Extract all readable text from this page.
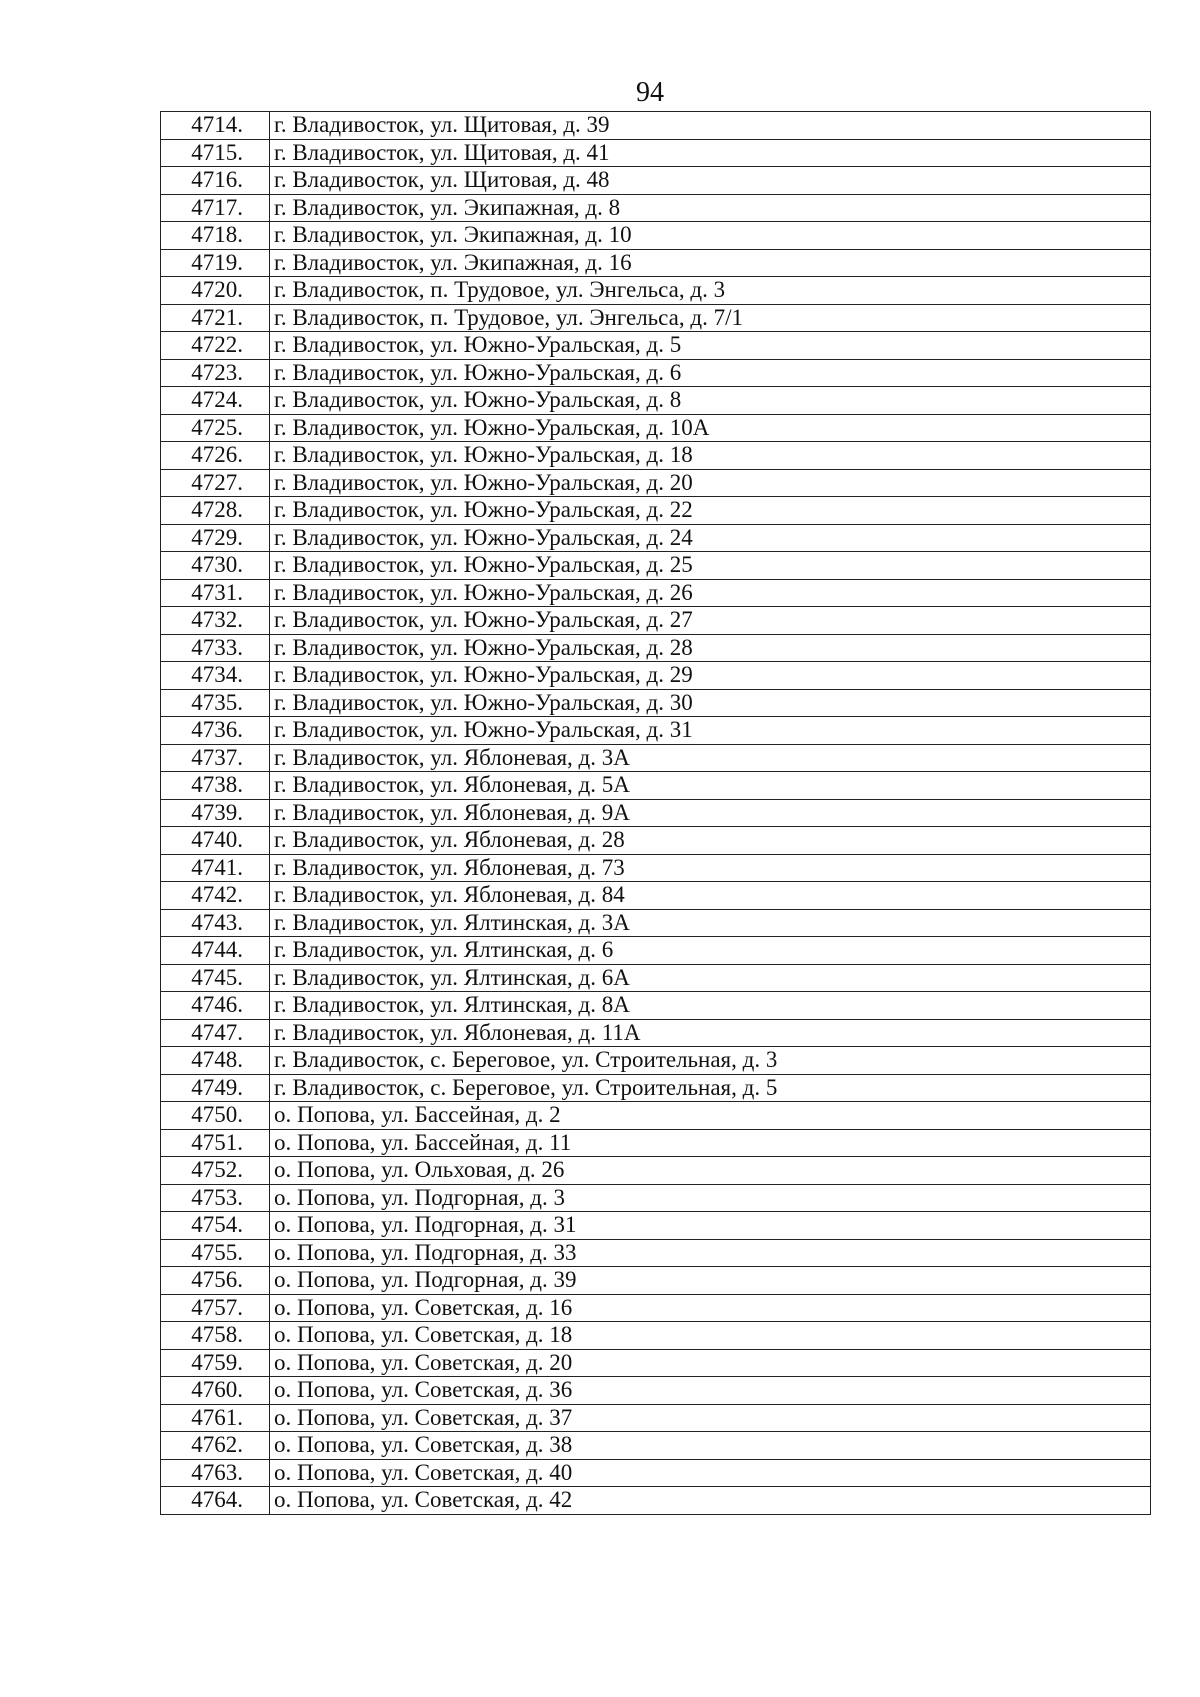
94
4714.	г. Владивосток, ул. Щитовая, д. 39
4715.	г. Владивосток, ул. Щитовая, д. 41
4716.	г. Владивосток, ул. Щитовая, д. 48
4717.	г. Владивосток, ул. Экипажная, д. 8
4718.	г. Владивосток, ул. Экипажная, д. 10
4719.	г. Владивосток, ул. Экипажная, д. 16
4720.	г. Владивосток, п. Трудовое, ул. Энгельса, д. 3
4721.	г. Владивосток, п. Трудовое, ул. Энгельса, д. 7/1
4722.	г. Владивосток, ул. Южно-Уральская, д. 5
4723.	г. Владивосток, ул. Южно-Уральская, д. 6
4724.	г. Владивосток, ул. Южно-Уральская, д. 8
4725.	г. Владивосток, ул. Южно-Уральская, д. 10А
4726.	г. Владивосток, ул. Южно-Уральская, д. 18
4727.	г. Владивосток, ул. Южно-Уральская, д. 20
4728.	г. Владивосток, ул. Южно-Уральская, д. 22
4729.	г. Владивосток, ул. Южно-Уральская, д. 24
4730.	г. Владивосток, ул. Южно-Уральская, д. 25
4731.	г. Владивосток, ул. Южно-Уральская, д. 26
4732.	г. Владивосток, ул. Южно-Уральская, д. 27
4733.	г. Владивосток, ул. Южно-Уральская, д. 28
4734.	г. Владивосток, ул. Южно-Уральская, д. 29
4735.	г. Владивосток, ул. Южно-Уральская, д. 30
4736.	г. Владивосток, ул. Южно-Уральская, д. 31
4737.	г. Владивосток, ул. Яблоневая, д. 3А
4738.	г. Владивосток, ул. Яблоневая, д. 5А
4739.	г. Владивосток, ул. Яблоневая, д. 9А
4740.	г. Владивосток, ул. Яблоневая, д. 28
4741.	г. Владивосток, ул. Яблоневая, д. 73
4742.	г. Владивосток, ул. Яблоневая, д. 84
4743.	г. Владивосток, ул. Ялтинская, д. 3А
4744.	г. Владивосток, ул. Ялтинская, д. 6
4745.	г. Владивосток, ул. Ялтинская, д. 6А
4746.	г. Владивосток, ул. Ялтинская, д. 8А
4747.	г. Владивосток, ул. Яблоневая, д. 11А
4748.	г. Владивосток, с. Береговое, ул. Строительная, д. 3
4749.	г. Владивосток, с. Береговое, ул. Строительная, д. 5
4750.	о. Попова, ул. Бассейная, д. 2
4751.	о. Попова, ул. Бассейная, д. 11
4752.	о. Попова, ул. Ольховая, д. 26
4753.	о. Попова, ул. Подгорная, д. 3
4754.	о. Попова, ул. Подгорная, д. 31
4755.	о. Попова, ул. Подгорная, д. 33
4756.	о. Попова, ул. Подгорная, д. 39
4757.	о. Попова, ул. Советская, д. 16
4758.	о. Попова, ул. Советская, д. 18
4759.	о. Попова, ул. Советская, д. 20
4760.	о. Попова, ул. Советская, д. 36
4761.	о. Попова, ул. Советская, д. 37
4762.	о. Попова, ул. Советская, д. 38
4763.	о. Попова, ул. Советская, д. 40
4764.	о. Попова, ул. Советская, д. 42
